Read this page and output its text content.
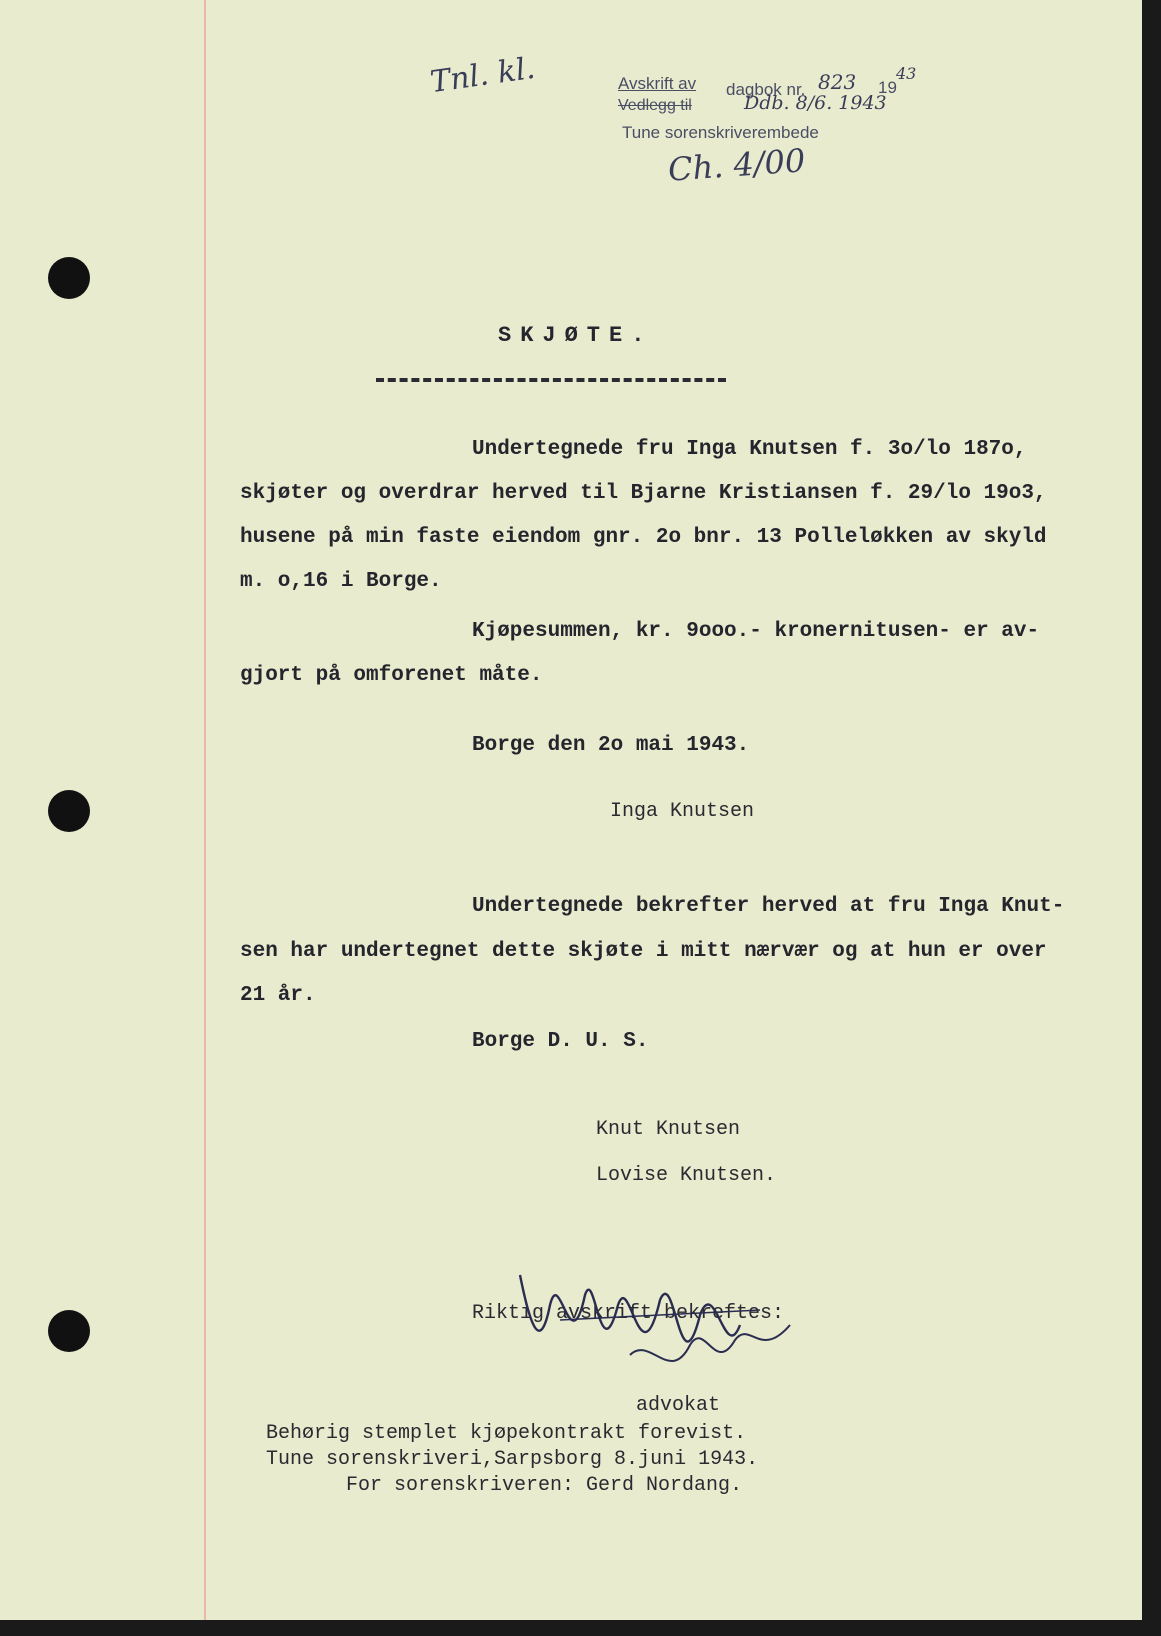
Tnl. kl.	Avskrift av dagbok nr. 823 19
43
Vedlegg til	Ddb. 8/6. 1943
Tune sorenskriverembede
Ch. 4/00
SKJØTE.
Undertegnede fru Inga Knutsen f. 3o/lo 187o,
skjøter og overdrar herved til Bjarne Kristiansen f. 29/lo 19o3,
husene på min faste eiendom gnr. 2o bnr. 13 Polleløkken av skyld
m. o,16 i Borge.
Kjøpesummen, kr. 9ooo.- kronernitusen- er av-
gjort på omforenet måte.
Borge den 2o mai 1943.
Inga Knutsen
Undertegnede bekrefter herved at fru Inga Knut-
sen har undertegnet dette skjøte i mitt nærvær og at hun er over
21 år.
Borge D. U. S.
Knut Knutsen
Lovise Knutsen.
Riktig avskrift bekreftes:
advokat
Behørig stemplet kjøpekontrakt forevist.
Tune sorenskriveri,Sarpsborg 8.juni 1943.
For sorenskriveren: Gerd Nordang.
